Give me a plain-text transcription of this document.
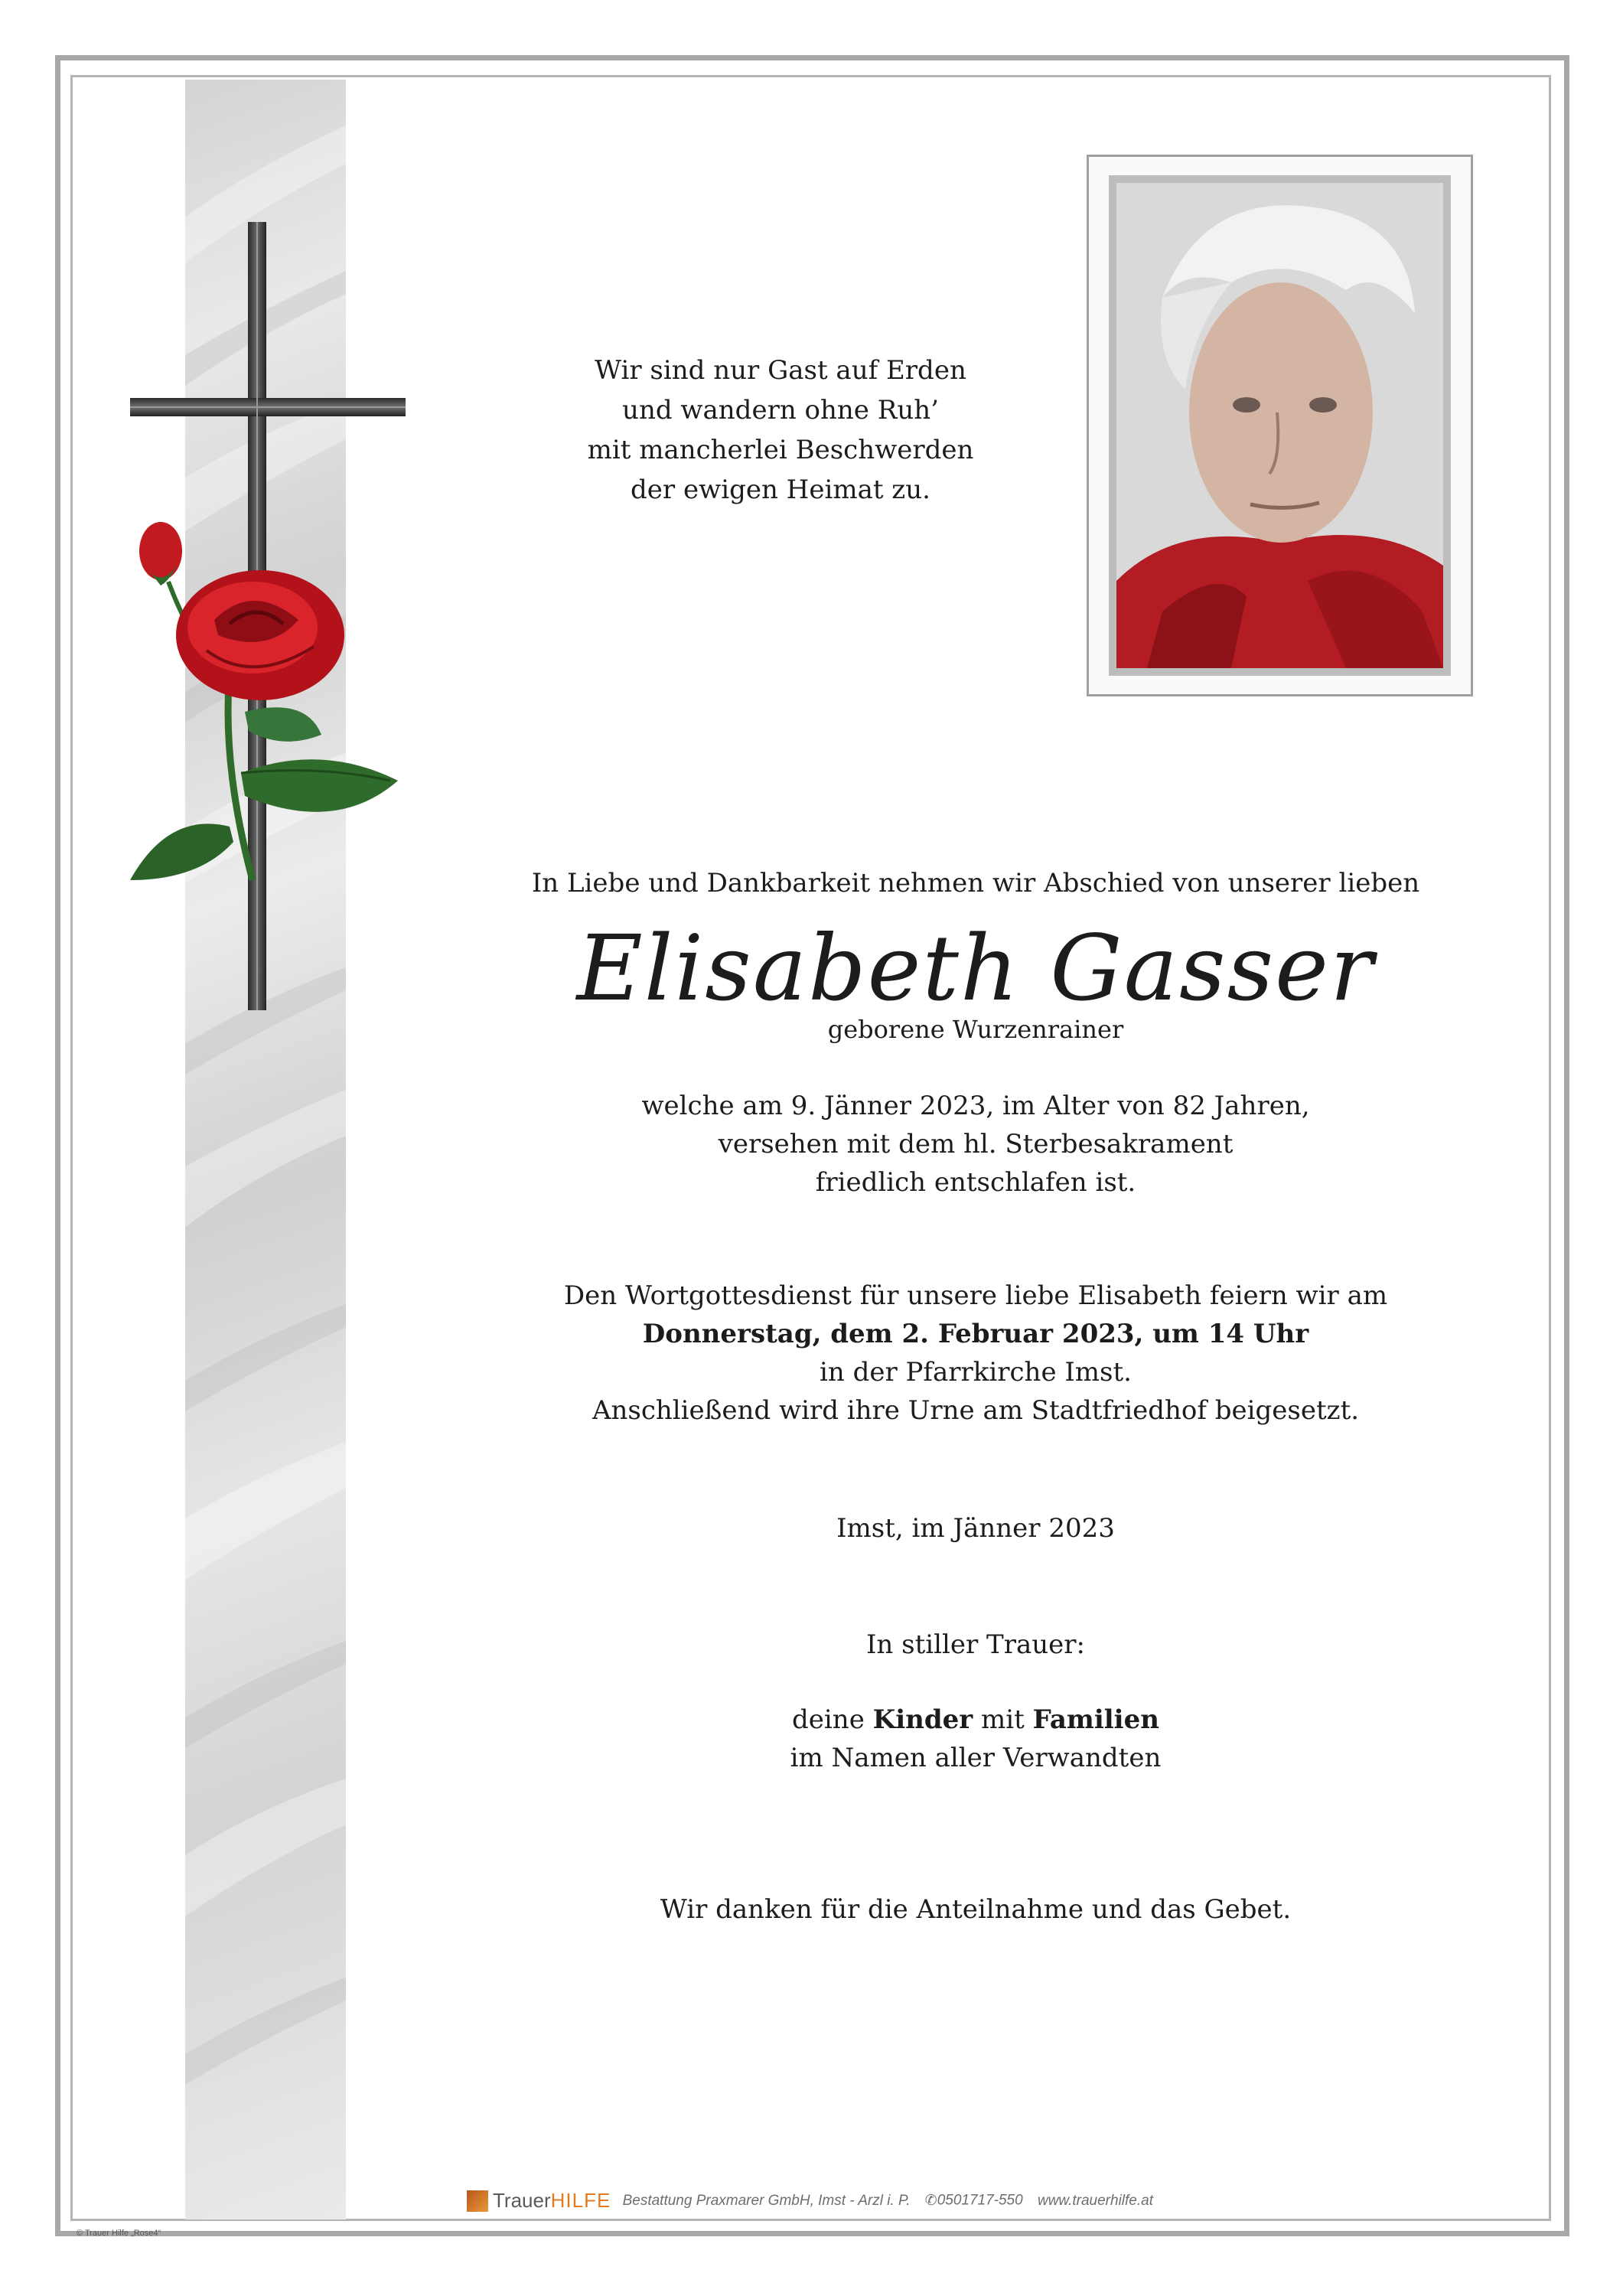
Wir sind nur Gast auf Erden
und wandern ohne Ruh’
mit mancherlei Beschwerden
der ewigen Heimat zu.
In Liebe und Dankbarkeit nehmen wir Abschied von unserer lieben
Elisabeth Gasser
geborene Wurzenrainer
welche am 9. Jänner 2023, im Alter von 82 Jahren,
versehen mit dem hl. Sterbesakrament
friedlich entschlafen ist.
Den Wortgottesdienst für unsere liebe Elisabeth feiern wir am
Donnerstag, dem 2. Februar 2023, um 14 Uhr
in der Pfarrkirche Imst.
Anschließend wird ihre Urne am Stadtfriedhof beigesetzt.
Imst, im Jänner 2023
In stiller Trauer:
deine Kinder mit Familien
im Namen aller Verwandten
Wir danken für die Anteilnahme und das Gebet.
TrauerHILFE Bestattung Praxmarer GmbH, Imst - Arzl i. P. ✆0501717-550 www.trauerhilfe.at
© Trauer Hilfe „Rose4“
